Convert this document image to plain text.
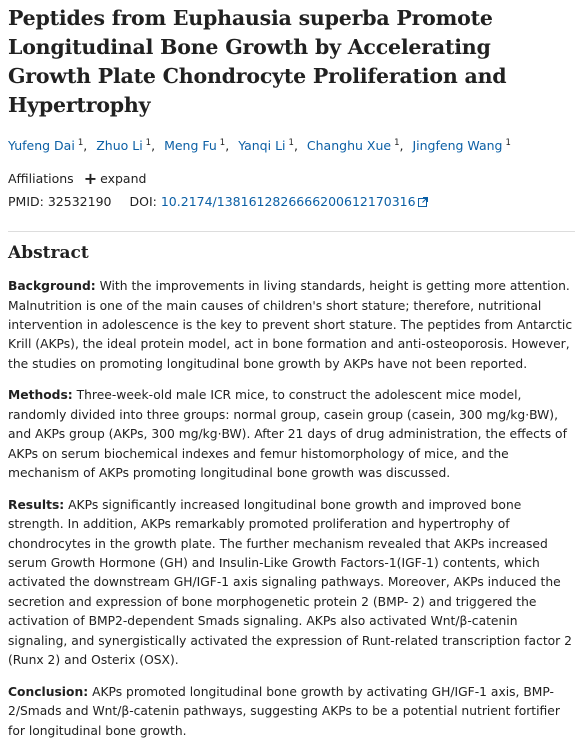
Peptides from Euphausia superba Promote Longitudinal Bone Growth by Accelerating Growth Plate Chondrocyte Proliferation and Hypertrophy
Yufeng Dai $^1$, Zhuo Li $^1$, Meng Fu $^1$, Yanqi Li $^1$, Changhu Xue $^1$, Jingfeng Wang $^1$
Affiliations + expand
PMID: 32532190 DOI: 10.2174/1381612826666200612170316
Abstract

Background: With the improvements in living standards, height is getting more attention. Malnutrition is one of the main causes of children's short stature; therefore, nutritional intervention in adolescence is the key to prevent short stature. The peptides from Antarctic Krill (AKPs), the ideal protein model, act in bone formation and anti-osteoporosis. However, the studies on promoting longitudinal bone growth by AKPs have not been reported.

Methods: Three-week-old male ICR mice, to construct the adolescent mice model, randomly divided into three groups: normal group, casein group (casein, 300 mg/kg·BW), and AKPs group (AKPs, 300 mg/kg·BW). After 21 days of drug administration, the effects of AKPs on serum biochemical indexes and femur histomorphology of mice, and the mechanism of AKPs promoting longitudinal bone growth was discussed.

Results: AKPs significantly increased longitudinal bone growth and improved bone strength. In addition, AKPs remarkably promoted proliferation and hypertrophy of chondrocytes in the growth plate. The further mechanism revealed that AKPs increased serum Growth Hormone (GH) and Insulin-Like Growth Factors-1(IGF-1) contents, which activated the downstream GH/IGF-1 axis signaling pathways. Moreover, AKPs induced the secretion and expression of bone morphogenetic protein 2 (BMP- 2) and triggered the activation of BMP2-dependent Smads signaling. AKPs also activated Wnt/β-catenin signaling, and synergistically activated the expression of Runt-related transcription factor 2 (Runx 2) and Osterix (OSX).

Conclusion: AKPs promoted longitudinal bone growth by activating GH/IGF-1 axis, BMP-2/Smads and Wnt/β-catenin pathways, suggesting AKPs to be a potential nutrient fortifier for longitudinal bone growth.
